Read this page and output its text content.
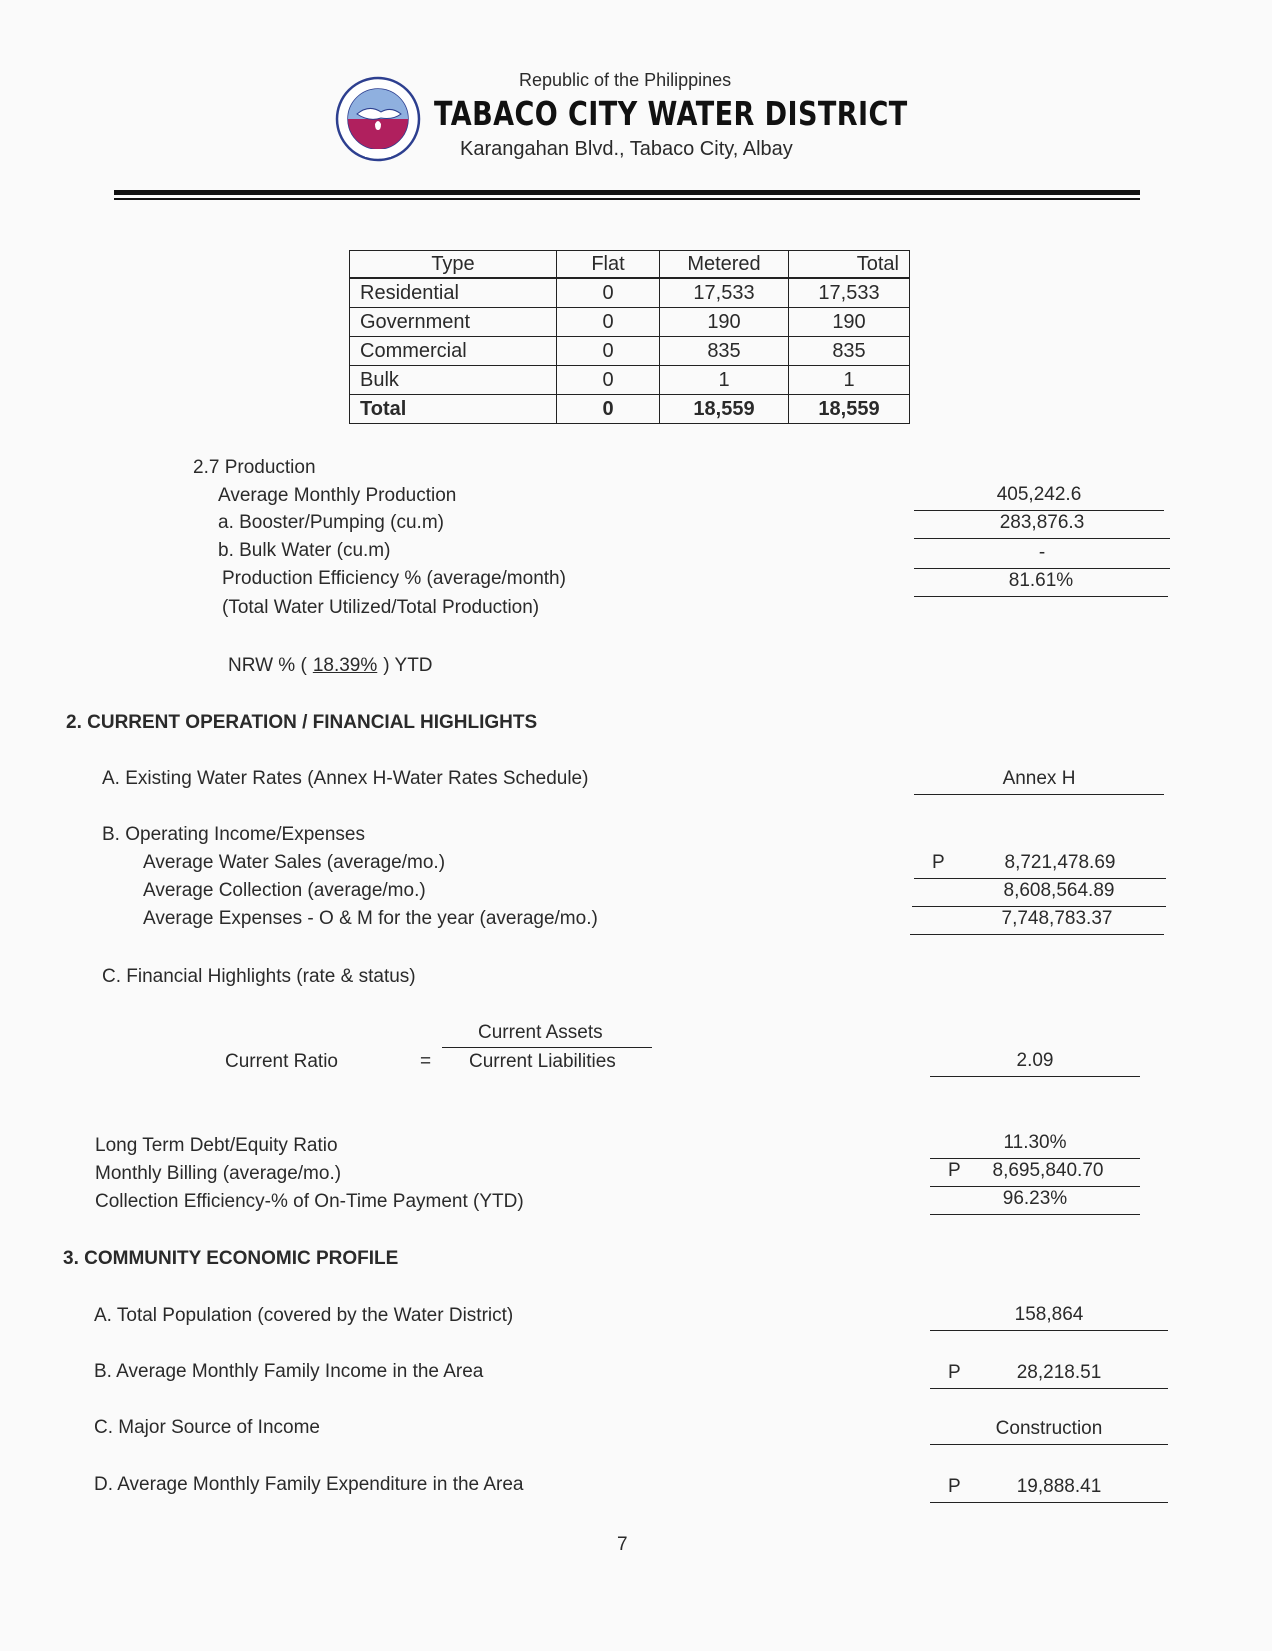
Republic of the Philippines
TABACO CITY WATER DISTRICT
Karangahan Blvd., Tabaco City, Albay
Type	Flat	Metered	Total
Residential	0	17,533	17,533
Government	0	190	190
Commercial	0	835	835
Bulk	0	1	1
Total	0	18,559	18,559
2.7 Production
Average Monthly Production	405,242.6
a. Booster/Pumping (cu.m)	283,876.3
b. Bulk Water (cu.m)	-
Production Efficiency % (average/month)	81.61%
(Total Water Utilized/Total Production)
NRW % ( 18.39% ) YTD
2. CURRENT OPERATION / FINANCIAL HIGHLIGHTS
A. Existing Water Rates (Annex H-Water Rates Schedule)	Annex H
B. Operating Income/Expenses
Average Water Sales (average/mo.)	P	8,721,478.69
Average Collection (average/mo.)	8,608,564.89
Average Expenses - O & M for the year (average/mo.)	7,748,783.37
C. Financial Highlights (rate & status)
Current Ratio	=
Current Assets
Current Liabilities	2.09
Long Term Debt/Equity Ratio	11.30%
Monthly Billing (average/mo.)	P 8,695,840.70
Collection Efficiency-% of On-Time Payment (YTD)	96.23%
3. COMMUNITY ECONOMIC PROFILE
A. Total Population (covered by the Water District)	158,864
B. Average Monthly Family Income in the Area	P	28,218.51
C. Major Source of Income	Construction
D. Average Monthly Family Expenditure in the Area	P	19,888.41
7
